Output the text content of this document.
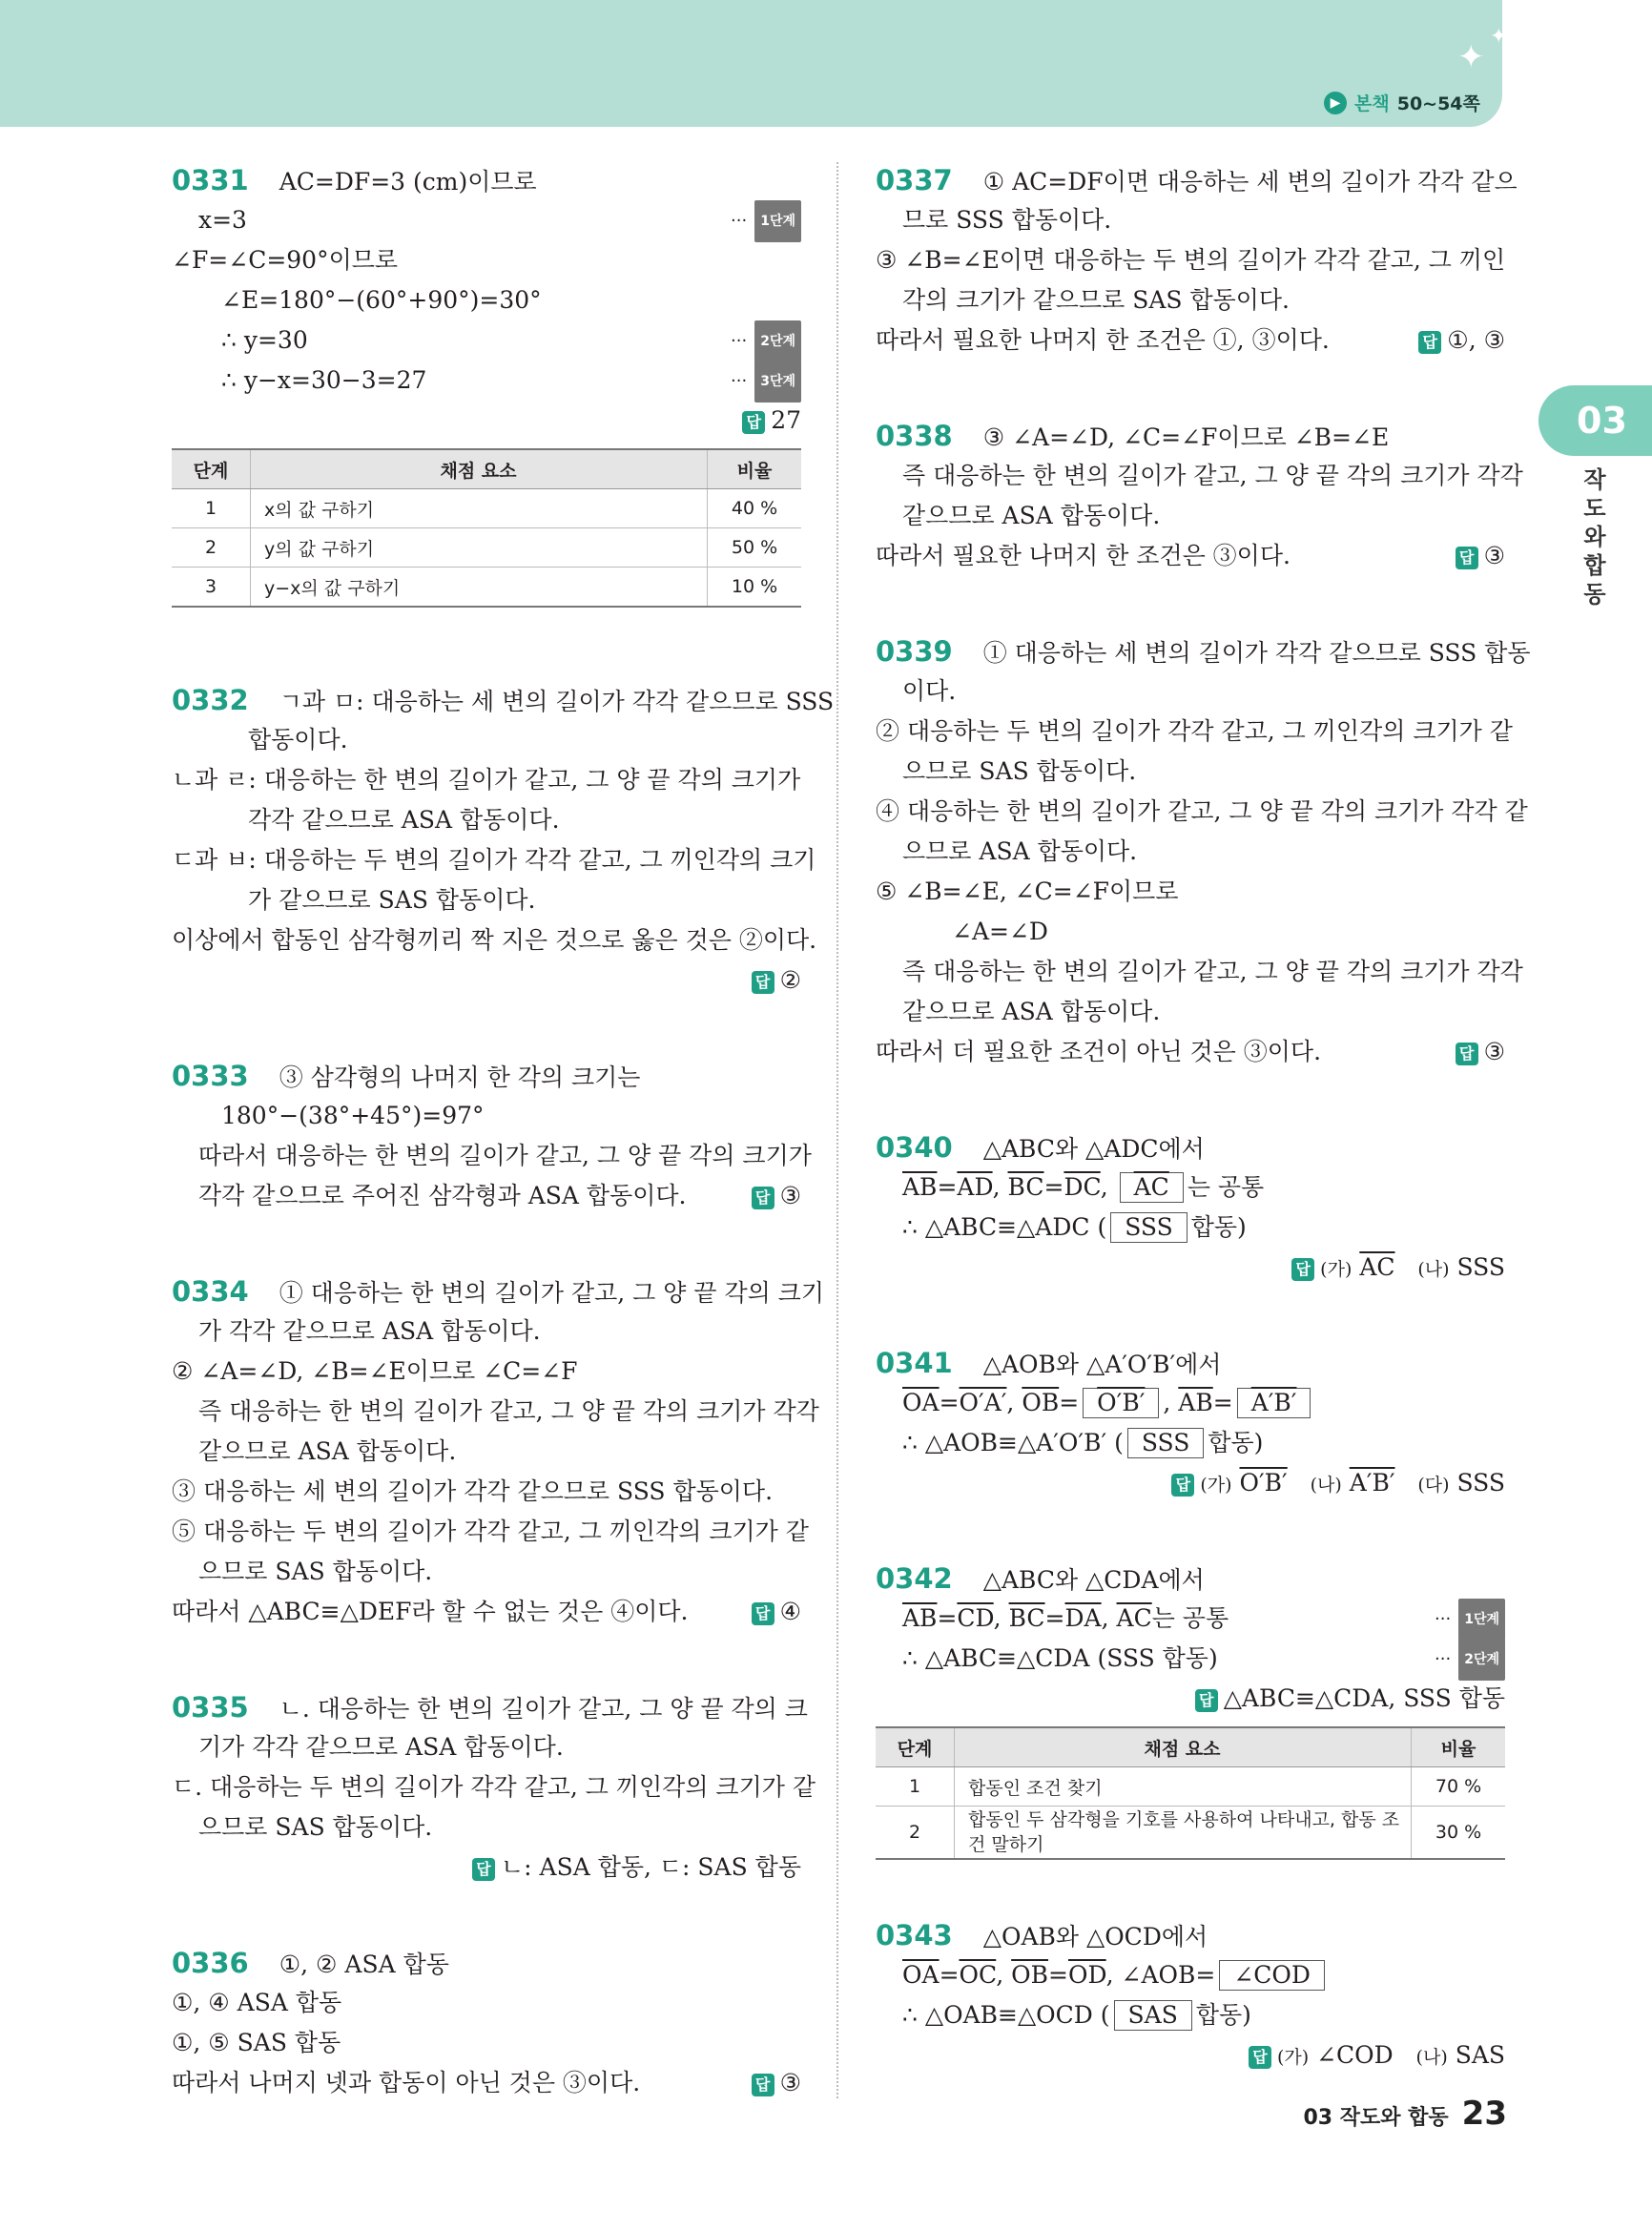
✦
✦
▶ 본책 50~54쪽
03
작도와 합동
0331 AC=DF=3 (cm)이므로
x=3	··· 1단계
∠F=∠C=90°이므로
∠E=180°−(60°+90°)=30°
∴ y=30	··· 2단계
∴ y−x=30−3=27	··· 3단계
답 27
단계	채점 요소	비율
1	x의 값 구하기	40 %
2	y의 값 구하기	50 %
3	y−x의 값 구하기	10 %
0332 ㄱ과 ㅁ: 대응하는 세 변의 길이가 각각 같으므로 SSS
합동이다.
ㄴ과 ㄹ: 대응하는 한 변의 길이가 같고, 그 양 끝 각의 크기가
각각 같으므로 ASA 합동이다.
ㄷ과 ㅂ: 대응하는 두 변의 길이가 각각 같고, 그 끼인각의 크기
가 같으므로 SAS 합동이다.
이상에서 합동인 삼각형끼리 짝 지은 것으로 옳은 것은 ②이다.
답 ②
0333 ③ 삼각형의 나머지 한 각의 크기는
180°−(38°+45°)=97°
따라서 대응하는 한 변의 길이가 같고, 그 양 끝 각의 크기가
각각 같으므로 주어진 삼각형과 ASA 합동이다.	답 ③
0334 ① 대응하는 한 변의 길이가 같고, 그 양 끝 각의 크기
가 각각 같으므로 ASA 합동이다.
② ∠A=∠D, ∠B=∠E이므로 ∠C=∠F
즉 대응하는 한 변의 길이가 같고, 그 양 끝 각의 크기가 각각
같으므로 ASA 합동이다.
③ 대응하는 세 변의 길이가 각각 같으므로 SSS 합동이다.
⑤ 대응하는 두 변의 길이가 각각 같고, 그 끼인각의 크기가 같
으므로 SAS 합동이다.
따라서 △ABC≡△DEF라 할 수 없는 것은 ④이다.	답 ④
0335 ㄴ. 대응하는 한 변의 길이가 같고, 그 양 끝 각의 크
기가 각각 같으므로 ASA 합동이다.
ㄷ. 대응하는 두 변의 길이가 각각 같고, 그 끼인각의 크기가 같
으므로 SAS 합동이다.
답 ㄴ: ASA 합동, ㄷ: SAS 합동
0336 ①, ② ASA 합동
①, ④ ASA 합동
①, ⑤ SAS 합동
따라서 나머지 넷과 합동이 아닌 것은 ③이다.	답 ③
0337 ① AC=DF이면 대응하는 세 변의 길이가 각각 같으
므로 SSS 합동이다.
③ ∠B=∠E이면 대응하는 두 변의 길이가 각각 같고, 그 끼인
각의 크기가 같으므로 SAS 합동이다.
따라서 필요한 나머지 한 조건은 ①, ③이다.	답 ①, ③
0338 ③ ∠A=∠D, ∠C=∠F이므로 ∠B=∠E
즉 대응하는 한 변의 길이가 같고, 그 양 끝 각의 크기가 각각
같으므로 ASA 합동이다.
따라서 필요한 나머지 한 조건은 ③이다.	답 ③
0339 ① 대응하는 세 변의 길이가 각각 같으므로 SSS 합동
이다.
② 대응하는 두 변의 길이가 각각 같고, 그 끼인각의 크기가 같
으므로 SAS 합동이다.
④ 대응하는 한 변의 길이가 같고, 그 양 끝 각의 크기가 각각 같
으므로 ASA 합동이다.
⑤ ∠B=∠E, ∠C=∠F이므로
∠A=∠D
즉 대응하는 한 변의 길이가 같고, 그 양 끝 각의 크기가 각각
같으므로 ASA 합동이다.
따라서 더 필요한 조건이 아닌 것은 ③이다.	답 ③
0340 △ABC와 △ADC에서
$\overline{AB}=\overline{AD}$, $\overline{BC}=\overline{DC}$, $\overline{AC}$ 는 공통
∴ △ABC≡△ADC ( SSS 합동)
답 (가) $\overline{AC}$ (나) SSS
0341 △AOB와 △A′O′B′에서
$\overline{OA}=O'A'$, $\overline{OB}= O'B'$ , $\overline{AB}= A'B'$
∴ △AOB≡△A′O′B′ ( SSS 합동)
답 (가) O′B′ (나) A′B′ (다) SSS
0342 △ABC와 △CDA에서
$\overline{AB}=\overline{CD}$, $\overline{BC}=\overline{DA}$, $\overline{AC}$는 공통	··· 1단계
∴ △ABC≡△CDA (SSS 합동)	··· 2단계
답 △ABC≡△CDA, SSS 합동
단계	채점 요소	비율
1	합동인 조건 찾기	70 %
2	합동인 두 삼각형을 기호를 사용하여 나타내고, 합동 조건 말하기	30 %
0343 △OAB와 △OCD에서
$\overline{OA}=\overline{OC}$, $\overline{OB}=\overline{OD}$, ∠AOB= ∠COD
∴ △OAB≡△OCD ( SAS 합동)
답 (가) ∠COD (나) SAS
03 작도와 합동 23
